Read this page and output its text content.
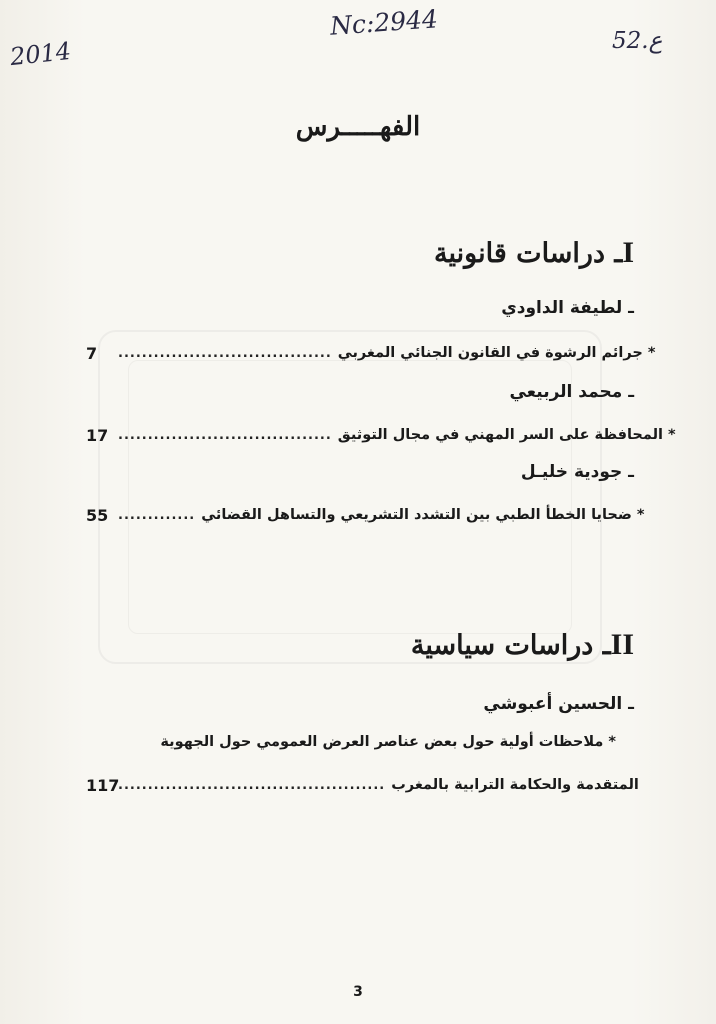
2014
Nc:2944
52.ع
الفهـــــرس
Iـ دراسات قانونية
ـ لطيفة الداودي
7	.................................... * جرائم الرشوة في القانون الجنائي المغربي
ـ محمد الربيعي
17 .................................... * المحافظة على السر المهني في مجال التوثيق
ـ جودية خليـل
55 ............. * ضحايا الخطأ الطبي بين التشدد التشريعي والتساهل القضائي
IIـ دراسات سياسية
ـ الحسين أعبوشي
* ملاحظات أولية حول بعض عناصر العرض العمومي حول الجهوية
117
............................................. المتقدمة والحكامة الترابية بالمغرب
3
